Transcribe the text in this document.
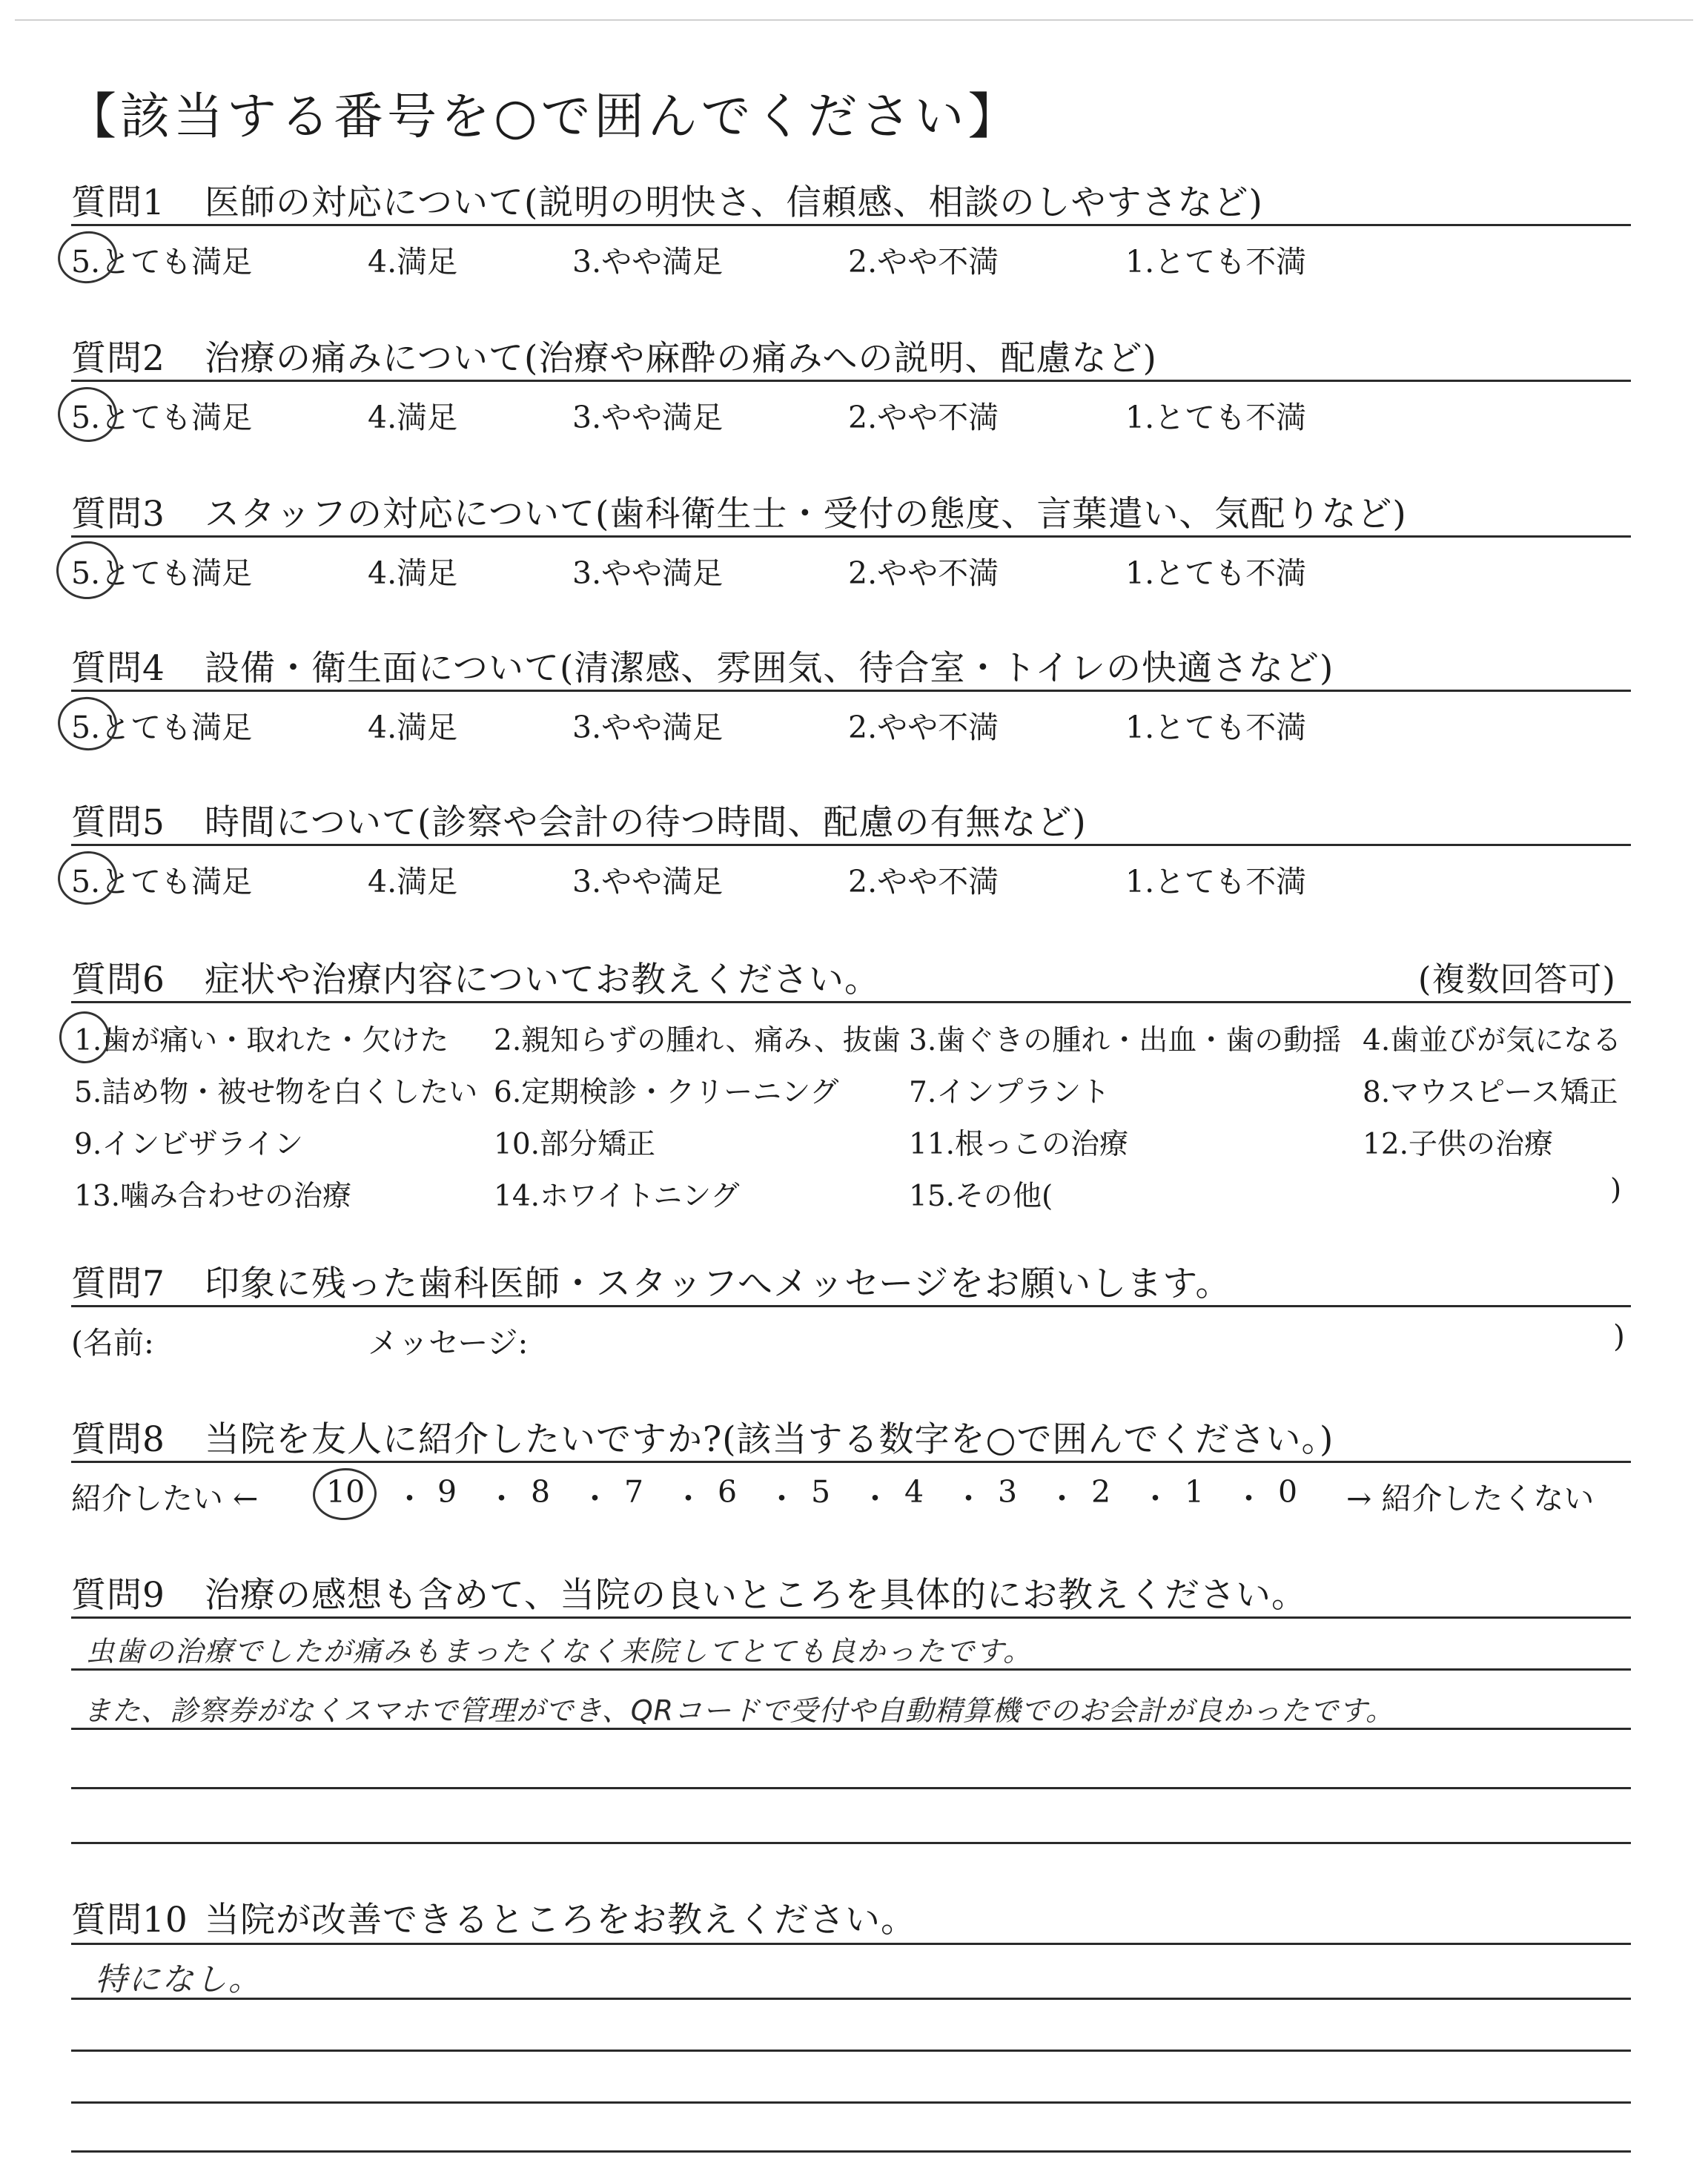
【該当する番号を○で囲んでください】
質問1 医師の対応について(説明の明快さ、信頼感、相談のしやすさなど)
5.とても満足	4.満足	3.やや満足	2.やや不満	1.とても不満
質問2 治療の痛みについて(治療や麻酔の痛みへの説明、配慮など)
5.とても満足	4.満足	3.やや満足	2.やや不満	1.とても不満
質問3 スタッフの対応について(歯科衛生士・受付の態度、言葉遣い、気配りなど)
5.とても満足	4.満足	3.やや満足	2.やや不満	1.とても不満
質問4 設備・衛生面について(清潔感、雰囲気、待合室・トイレの快適さなど)
5.とても満足	4.満足	3.やや満足	2.やや不満	1.とても不満
質問5 時間について(診察や会計の待つ時間、配慮の有無など)
5.とても満足	4.満足	3.やや満足	2.やや不満	1.とても不満
質問6 症状や治療内容についてお教えください。	(複数回答可)
1.歯が痛い・取れた・欠けた 2.親知らずの腫れ、痛み、抜歯 3.歯ぐきの腫れ・出血・歯の動揺 4.歯並びが気になる
5.詰め物・被せ物を白くしたい 6.定期検診・クリーニング 7.インプラント	8.マウスピース矯正
9.インビザライン	10.部分矯正	11.根っこの治療	12.子供の治療
13.噛み合わせの治療	14.ホワイトニング	15.その他(	)
質問7 印象に残った歯科医師・スタッフへメッセージをお願いします。
(名前:	メッセージ:	)
質問8 当院を友人に紹介したいですか?(該当する数字を○で囲んでください。)
紹介したい ← 10 ・ 9 ・ 8 ・ 7 ・ 6 ・ 5 ・ 4 ・ 3 ・ 2 ・ 1 ・ 0 → 紹介したくない
質問9 治療の感想も含めて、当院の良いところを具体的にお教えください。
虫歯の治療でしたが痛みもまったくなく来院してとても良かったです。
また、診察券がなくスマホで管理ができ、QRコードで受付や自動精算機でのお会計が良かったです。
質問10 当院が改善できるところをお教えください。
特になし。
